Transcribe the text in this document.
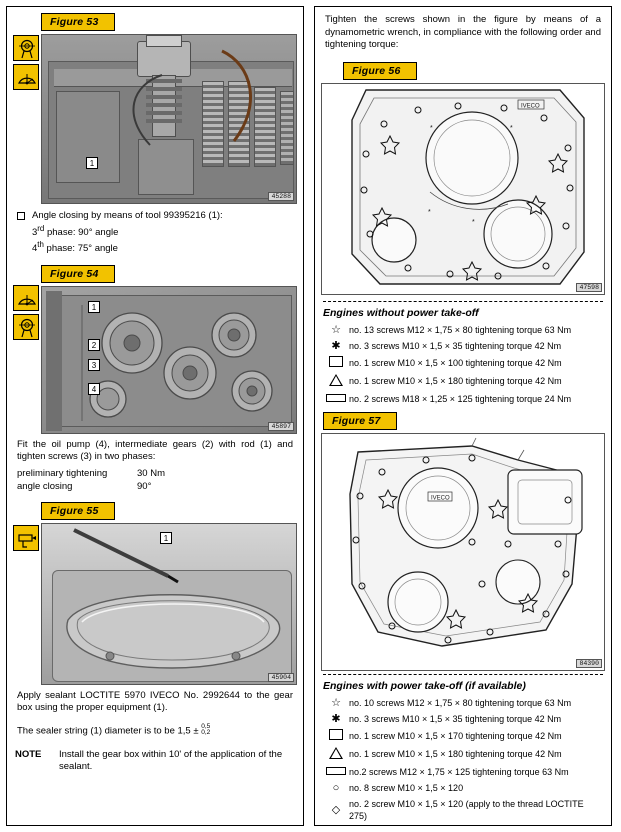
Figure 53
1
45288
Angle closing by means of tool 99395216 (1):
3rd phase: 90° angle
4th phase: 75° angle
Figure 54
1
2
3
4
45897
Fit the oil pump (4), intermediate gears (2) with rod (1) and tighten screws (3) in two phases:
preliminary tightening	30 Nm
angle closing	90°
Figure 55
1
45904
Apply sealant LOCTITE 5970 IVECO No. 2992644 to the gear box using the proper equipment (1).
The sealer string (1) diameter is to be 1,5 ± 0,5
0,2
NOTE	Install the gear box within 10' of the application of the sealant.
Tighten the screws shown in the figure by means of a dynamometric wrench, in compliance with the following order and tightening torque:
Figure 56
*	*
*
*
IVECO
47598
Engines without power take-off
☆ no. 13 screws M12 × 1,75 × 80 tightening torque 63 Nm
✱ no. 3 screws M10 × 1,5 × 35 tightening torque 42 Nm
no. 1 screw M10 × 1,5 × 100 tightening torque 42 Nm
no. 1 screw M10 × 1,5 × 180 tightening torque 42 Nm
no. 2 screws M18 × 1,25 × 125 tightening torque 24 Nm
Figure 57
IVECO
84390
Engines with power take-off (if available)
☆ no. 10 screws M12 × 1,75 × 80 tightening torque 63 Nm
✱ no. 3 screws M10 × 1,5 × 35 tightening torque 42 Nm
no. 1 screw M10 × 1,5 × 170 tightening torque 42 Nm
no. 1 screw M10 × 1,5 × 180 tightening torque 42 Nm
no.2 screws M12 × 1,75 × 125 tightening torque 63 Nm
○	no. 8 screw M10 × 1,5 × 120
◇ no. 2 screw M10 × 1,5 × 120 (apply to the thread LOCTITE 275)
